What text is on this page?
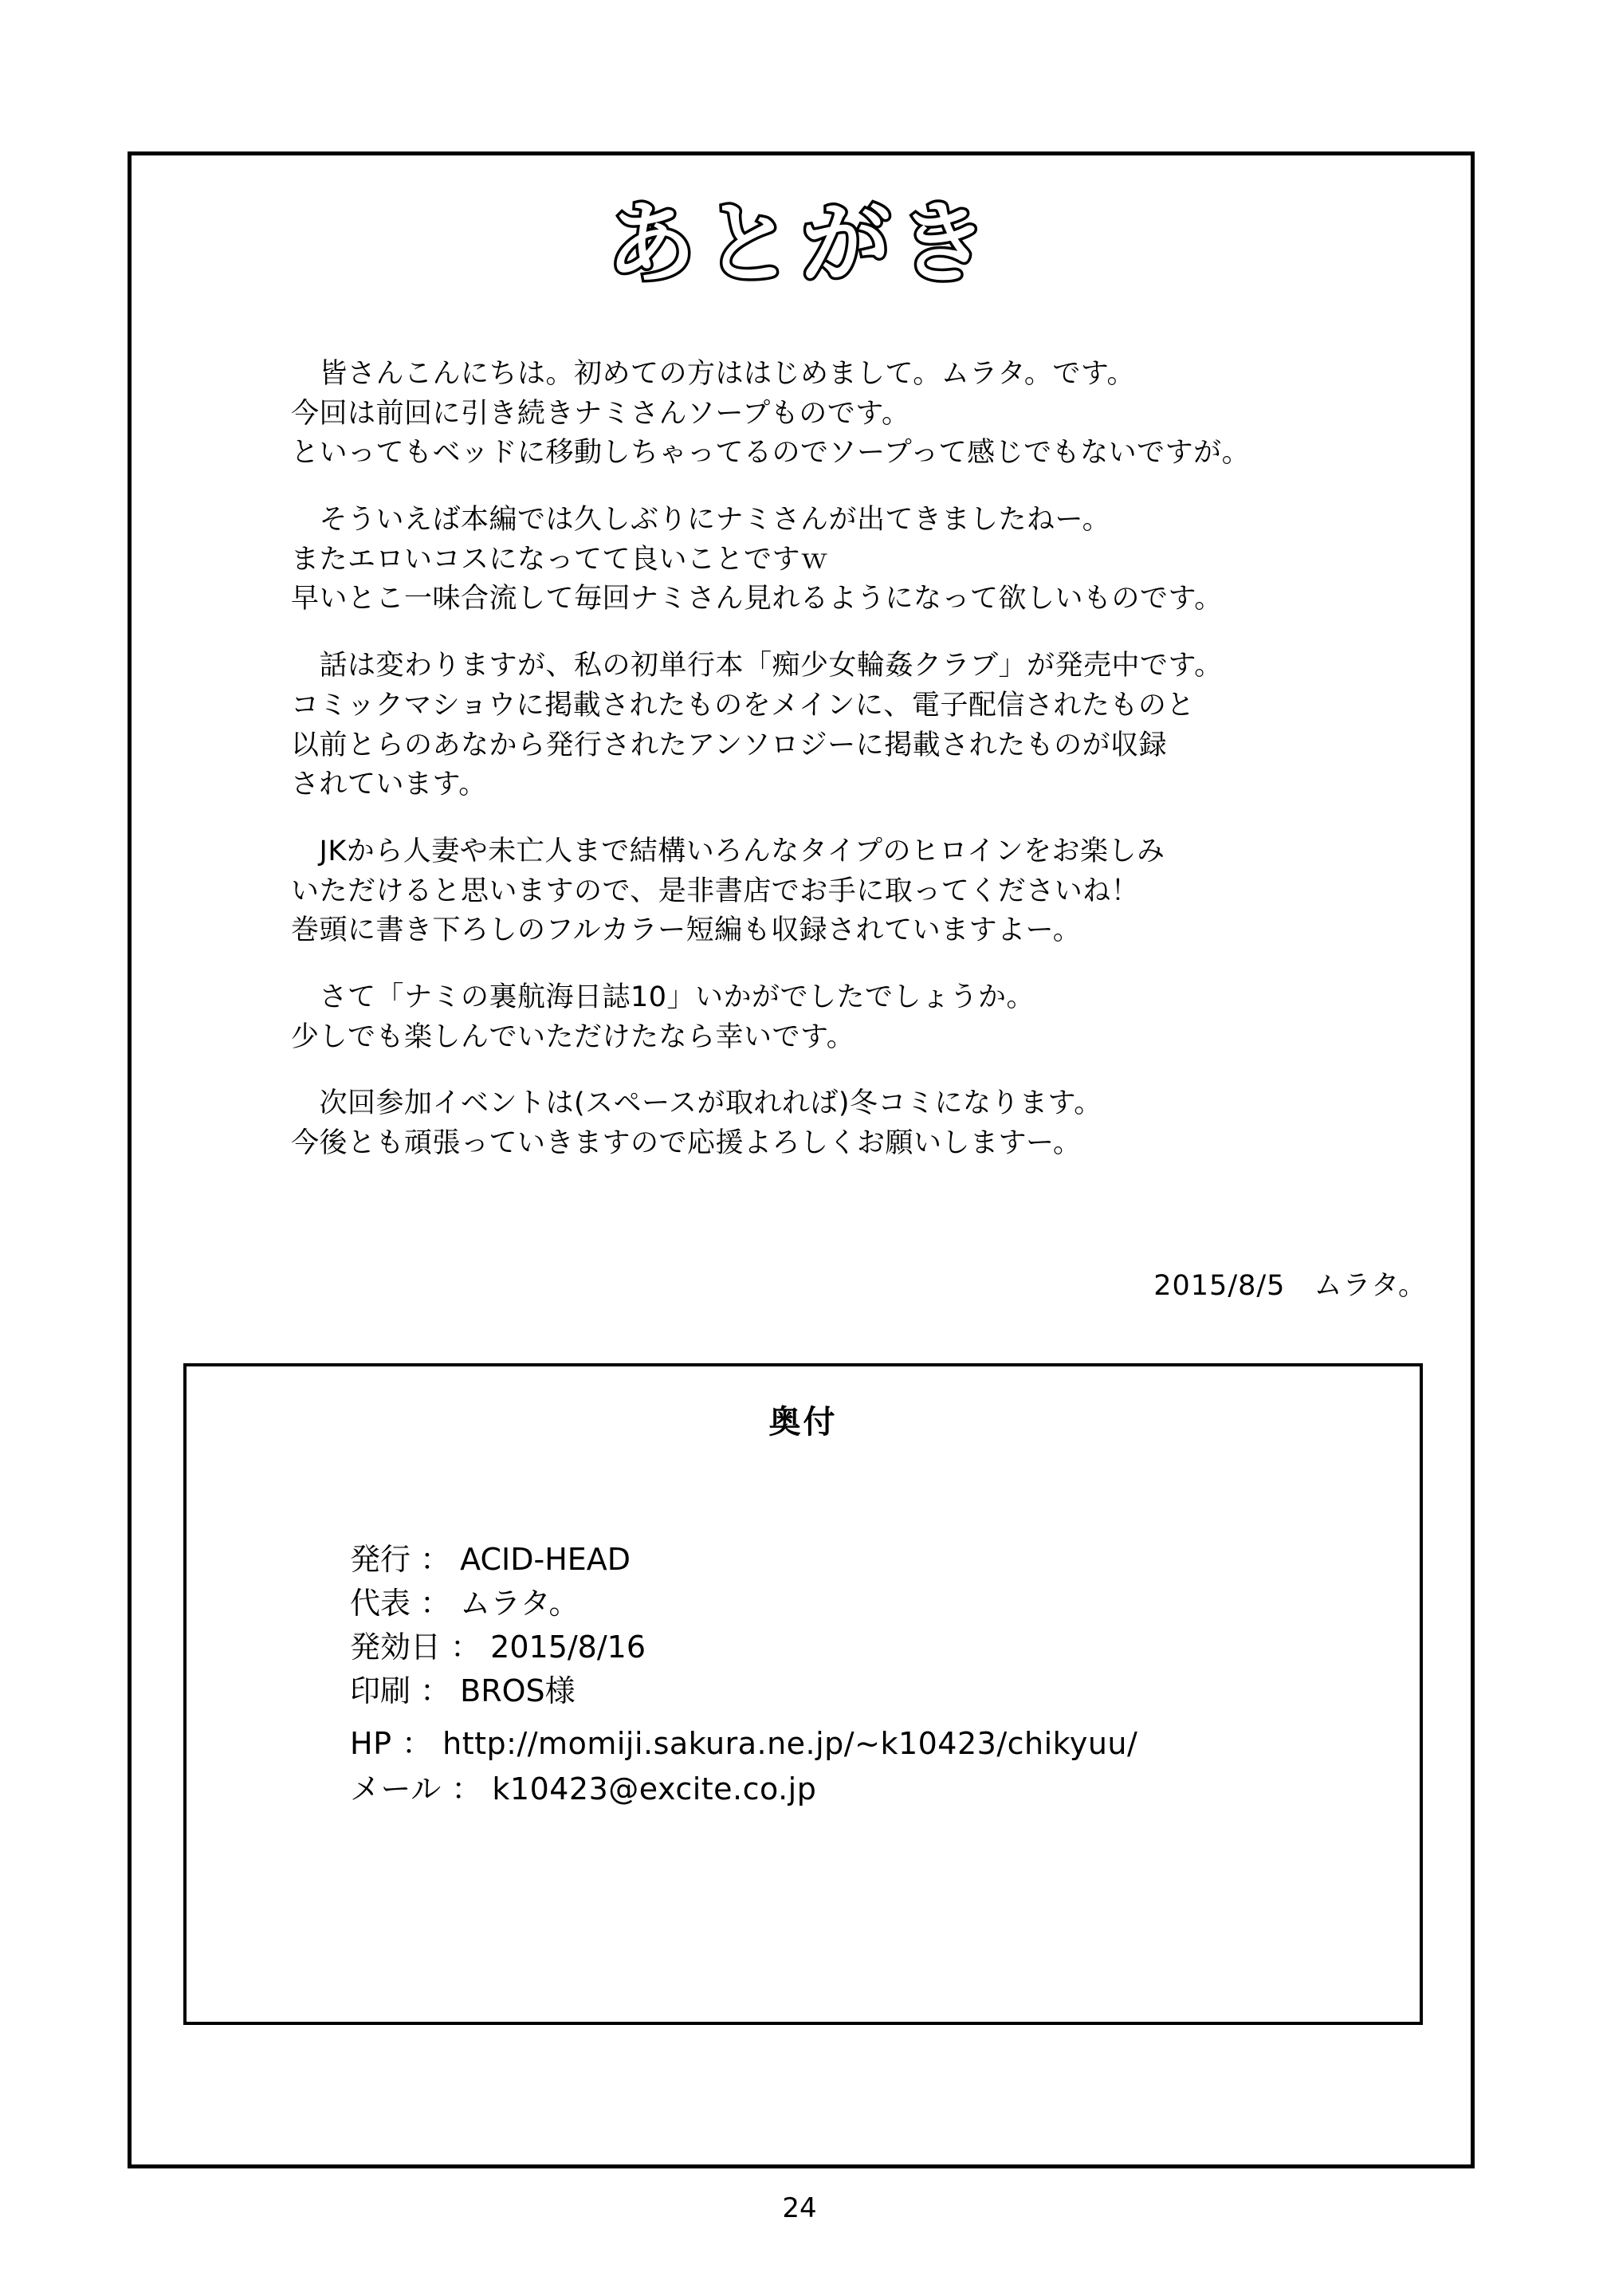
あとがき

　皆さんこんにちは。初めての方ははじめまして。ムラタ。です。
今回は前回に引き続きナミさんソープものです。
といってもベッドに移動しちゃってるのでソープって感じでもないですが。

　そういえば本編では久しぶりにナミさんが出てきましたねー。
またエロいコスになってて良いことですｗ
早いとこ一味合流して毎回ナミさん見れるようになって欲しいものです。

　話は変わりますが、私の初単行本「痴少女輪姦クラブ」が発売中です。
コミックマショウに掲載されたものをメインに、電子配信されたものと
以前とらのあなから発行されたアンソロジーに掲載されたものが収録
されています。

　JKから人妻や未亡人まで結構いろんなタイプのヒロインをお楽しみ
いただけると思いますので、是非書店でお手に取ってくださいね！
巻頭に書き下ろしのフルカラー短編も収録されていますよー。

　さて「ナミの裏航海日誌10」いかがでしたでしょうか。
少しでも楽しんでいただけたなら幸いです。

　次回参加イベントは(スペースが取れれば)冬コミになります。
今後とも頑張っていきますので応援よろしくお願いしますー。

2015/8/5　ムラタ。
奥付
発行 ： ACID-HEAD
代表 ： ムラタ。
発効日 ： 2015/8/16
印刷 ： BROS様
HP ： http://momiji.sakura.ne.jp/~k10423/chikyuu/
メール ： k10423@excite.co.jp
24
